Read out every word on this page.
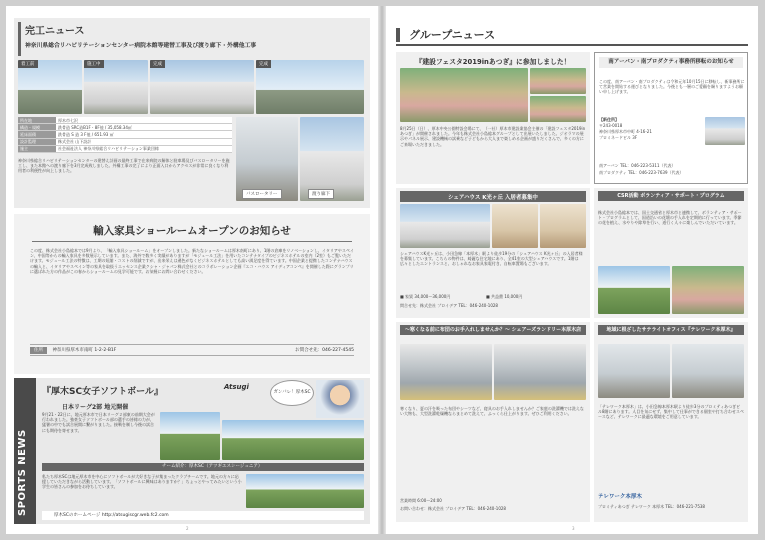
完工ニュース
神奈川県総合リハビリテーションセンター病院本館等建替工事及び渡り廊下・外構他工事
着工前	施工中	完成	完成
所在地	厚木市七沢
構造・規模	鉄骨造 SRC造B1F・8F他 / 35,058.34㎡
延床面積	鉄骨造 S 造 3 F他 / 651.93 ㎡
設計監理	株式会社 山下設計
施主	社会福祉法人 神奈川県総合リハビリテーション事業団様
神奈川県総合リハビリテーションセンターの建替え計画の最終工事で在来病院の解体と駐車場及びバスロータリーを施工し、また本館への渡り廊下を3月完成致しました。外構工事の完了により正面入口からアクセスが非常に良くなり利用者の利便性が向上しました。
バスロータリー	渡り廊下
輸入家具ショールームオープンのお知らせ
この度、株式会社小島総本では9月より、「輸入家具ショールーム」をオープンしました。新たなショールームは厚木南町にあり、1階の倉庫をリノベーションし、イタリアやスペイン、中国等からの輸入家具を多数展示しています。また、海外で数多く実績がありますが「モジュール工法」を用いたコンテナタイプのビジネスホテルの室内（2室）もご覧いただけます。モジュール工法の特徴は、工期の短縮・コストの削減ですが、出来栄えは遜色がなくビジネスホテルとしても高い満足度を得ています。中国企業と提携したコンテナハウスの輸入と、イタリアやスペイン等の家具を取扱うエッセンス企業クシャ・ジャパン株式会社とのコラボレーション企画『エコ・ハウス アイディアコンペ』を開催した際にグランプリに選ばれた方の作品がこの春からショールームの見学可能です。お気軽にお問い合わせください。
住所 神奈川県厚木市南町 1-2-2-B1F	お問合せ先：046-227-4545
SPORTS NEWS
『厚木SC女子ソフトボール』	Atsugi
ガンバレ！厚木SC
日本リーグ2部 地元開催
9月21・22日に、地元厚木市で日本リーグ２部東の前期大会が行われました。強豪女子ソフトボール部の選手の皆様の力が、猛暑の中でも試合展開に繋がりました。接戦を制し今後の試合にも期待を寄せます。
チーム紹介：厚木SC（アツギエスシージュニア）
私たち厚木SCは地元厚木市を中心にソフトボールが大好きな子が集まったクラブチームです。地元の方々に応援していただきながら活動しています。「ソフトボールに興味はありますか？」ちょっとやってみたいという小学生の皆さんの参加をお待ちしています。
厚木SCのホームページ http://atsugiscgr.web.fc2.com
2
グループニュース
『建設フェスタ2019inあつぎ』に参加しました！
8月25日（日）、厚木中央公園特設会場にて、（一社）厚木市建設業協会主催の「建設フェスタ2019inあつぎ」が開催されました。今年も株式会社小島総本グループとして出展いたしました。ジオラマの展示やパネル展示、建設機械の試乗など子どもから大人まで楽しめる企画が盛りだくさんで、多くの方にご来場いただきました。
南アーバン・南プロダクティ事務所移転のお知らせ
この度、南アーバン・南プロダクティは令和元年10月15日に移転し、新事務所にて営業を開始する運びとなりました。今後とも一層のご愛顧を賜りますようお願い申し上げます。
【新住所】
〒243-0018
神奈川県厚木市中町 4-16-21
プロミネードビル 3F
南アーバン TEL：046-223-5311（代表）
南プロダクティ TEL：046-223-7639（代表）
シェアハウス K光ヶ丘 入居者募集中
シェアハウスK光ヶ丘は、小田急線「本厚木」駅より徒歩19分の「シェアハウス K光ヶ丘」の入居者様を募集しています。こちらの物件は、綺麗な住宅地にあり、全41室の大型シェアハウスです。1階は広々としたエントランスと、おしゃれなお家具家電付き、自転車置場もございます。
■ 家賃 34,000〜36,000円	■ 共益費 10,000円
問合せ先：株式会社 プロイデア TEL：046-240-1028
CSR活動 ボランティア・サポート・プログラム
株式会社小島総本では、国土交通省と厚木市と連携して、ボランティア・サポート・プログラムとして、国道沿いの花壇の手入れを定期的に行っています。季節の花を植え、水やりや除草を行い、道行く人々に楽しんでいただいています。
〜寒くなる前に布団のお手入れしませんか？〜 シェアーズランドリー本厚木店
寒くなり、夏の汗を吸った布団やシーツなど、寝具のお手入れしませんか？ご家庭の洗濯機では洗えない大物も、大型洗濯乾燥機ならまとめて洗えて、ふっくら仕上がります。ぜひご利用ください。
営業時間 6:00〜24:00
お問い合わせ：株式会社 プロイデア TEL：046-240-1028
地域に根ざしたサテライトオフィス『テレワーク本厚木』
「テレワーク本厚木」は、小田急線本厚木駅より徒歩3分のプロミティあつぎビル8階にあります。人目を気にせず、集中して仕事ができる個室や打ち合わせスペースなど、テレワークに最適な環境をご用意しています。
テレワーク本厚木
プロミティあつぎ テレワーク 本厚木 TEL：046-221-7538
3
